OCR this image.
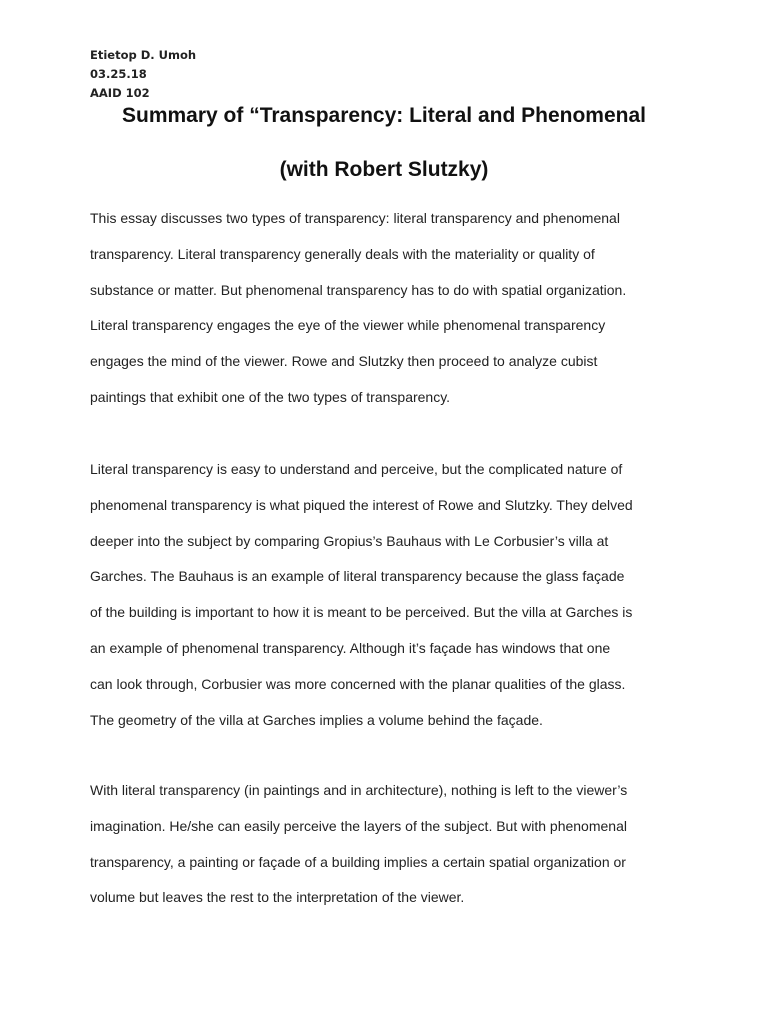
Etietop D. Umoh
03.25.18
AAID 102
Summary of “Transparency: Literal and Phenomenal
(with Robert Slutzky)
This essay discusses two types of transparency: literal transparency and phenomenal
transparency. Literal transparency generally deals with the materiality or quality of
substance or matter. But phenomenal transparency has to do with spatial organization.
Literal transparency engages the eye of the viewer while phenomenal transparency
engages the mind of the viewer. Rowe and Slutzky then proceed to analyze cubist
paintings that exhibit one of the two types of transparency.
Literal transparency is easy to understand and perceive, but the complicated nature of
phenomenal transparency is what piqued the interest of Rowe and Slutzky. They delved
deeper into the subject by comparing Gropius’s Bauhaus with Le Corbusier’s villa at
Garches. The Bauhaus is an example of literal transparency because the glass façade
of the building is important to how it is meant to be perceived. But the villa at Garches is
an example of phenomenal transparency. Although it’s façade has windows that one
can look through, Corbusier was more concerned with the planar qualities of the glass.
The geometry of the villa at Garches implies a volume behind the façade.
With literal transparency (in paintings and in architecture), nothing is left to the viewer’s
imagination. He/she can easily perceive the layers of the subject. But with phenomenal
transparency, a painting or façade of a building implies a certain spatial organization or
volume but leaves the rest to the interpretation of the viewer.
